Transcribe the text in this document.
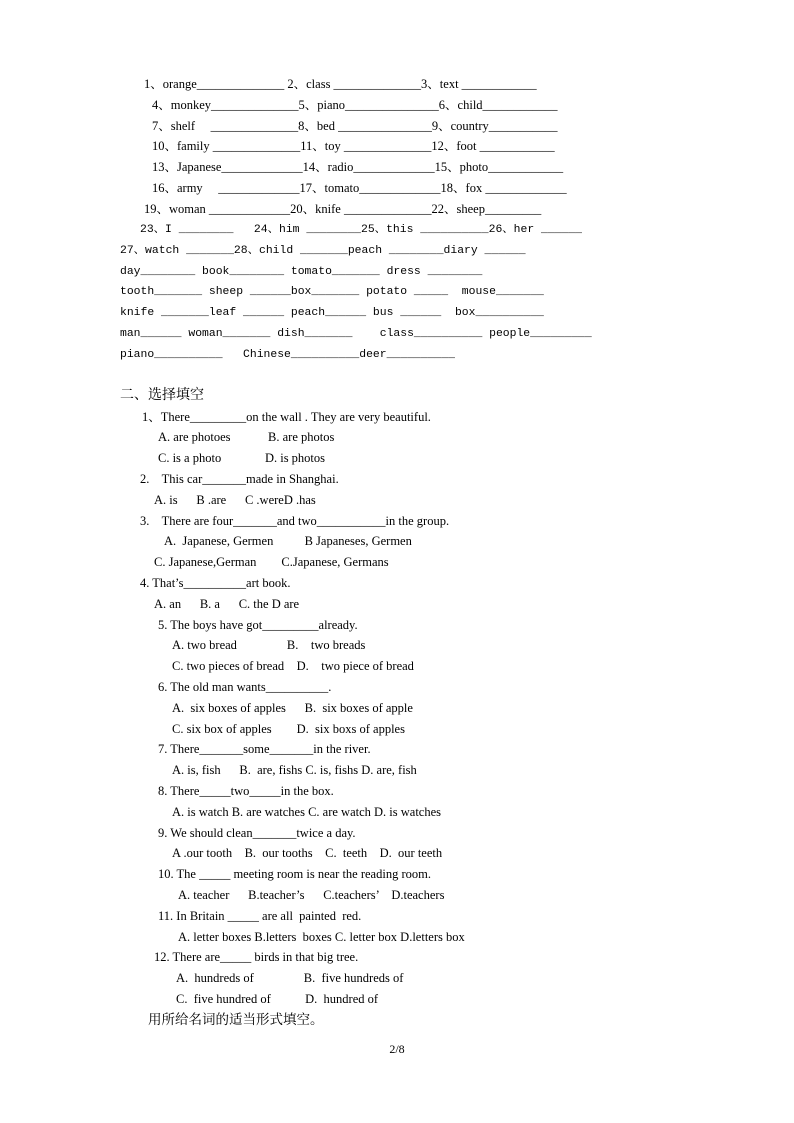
1、orange______________ 2、class ______________3、text ____________
4、monkey______________5、piano_______________6、child____________
7、shelf     ______________8、bed _______________9、country___________
10、family ______________11、toy ______________12、foot ____________
13、Japanese_____________14、radio_____________15、photo____________
16、army     _____________17、tomato_____________18、fox _____________
19、woman _____________20、knife ______________22、sheep_________
23、I ________   24、him ________25、this __________26、her ______
27、watch _______28、child _______peach ________diary ______
day________ book________ tomato_______ dress ________
tooth_______ sheep ______box_______ potato _____  mouse_______
knife _______leaf ______ peach______ bus ______  box__________
man______ woman_______ dish_______    class__________ people_________
piano__________   Chinese__________deer__________
二、选择填空
1、There_________on the wall . They are very beautiful.
A. are photoes            B. are photos
C. is a photo              D. is photos
2.    This car_______made in Shanghai.
A. is      B .are      C .wereD .has
3.    There are four_______and two___________in the group.
A.  Japanese, Germen          B Japaneses, Germen
C. Japanese,German        C.Japanese, Germans
4. That’s__________art book.
A. an      B. a      C. the D are
5. The boys have got_________already.
A. two bread                B.    two breads
C. two pieces of bread    D.    two piece of bread
6. The old man wants__________.
A.  six boxes of apples      B.  six boxes of apple
C. six box of apples        D.  six boxs of apples
7. There_______some_______in the river.
A. is, fish      B.  are, fishs C. is, fishs D. are, fish
8. There_____two_____in the box.
A. is watch B. are watches C. are watch D. is watches
9. We should clean_______twice a day.
A .our tooth    B.  our tooths    C.  teeth    D.  our teeth
10. The _____ meeting room is near the reading room.
A. teacher      B.teacher’s      C.teachers’    D.teachers
11. In Britain _____ are all  painted  red.
A. letter boxes B.letters  boxes C. letter box D.letters box
12. There are_____ birds in that big tree.
A.  hundreds of                B.  five hundreds of
C.  five hundred of           D.  hundred of
用所给名词的适当形式填空。
2/8
